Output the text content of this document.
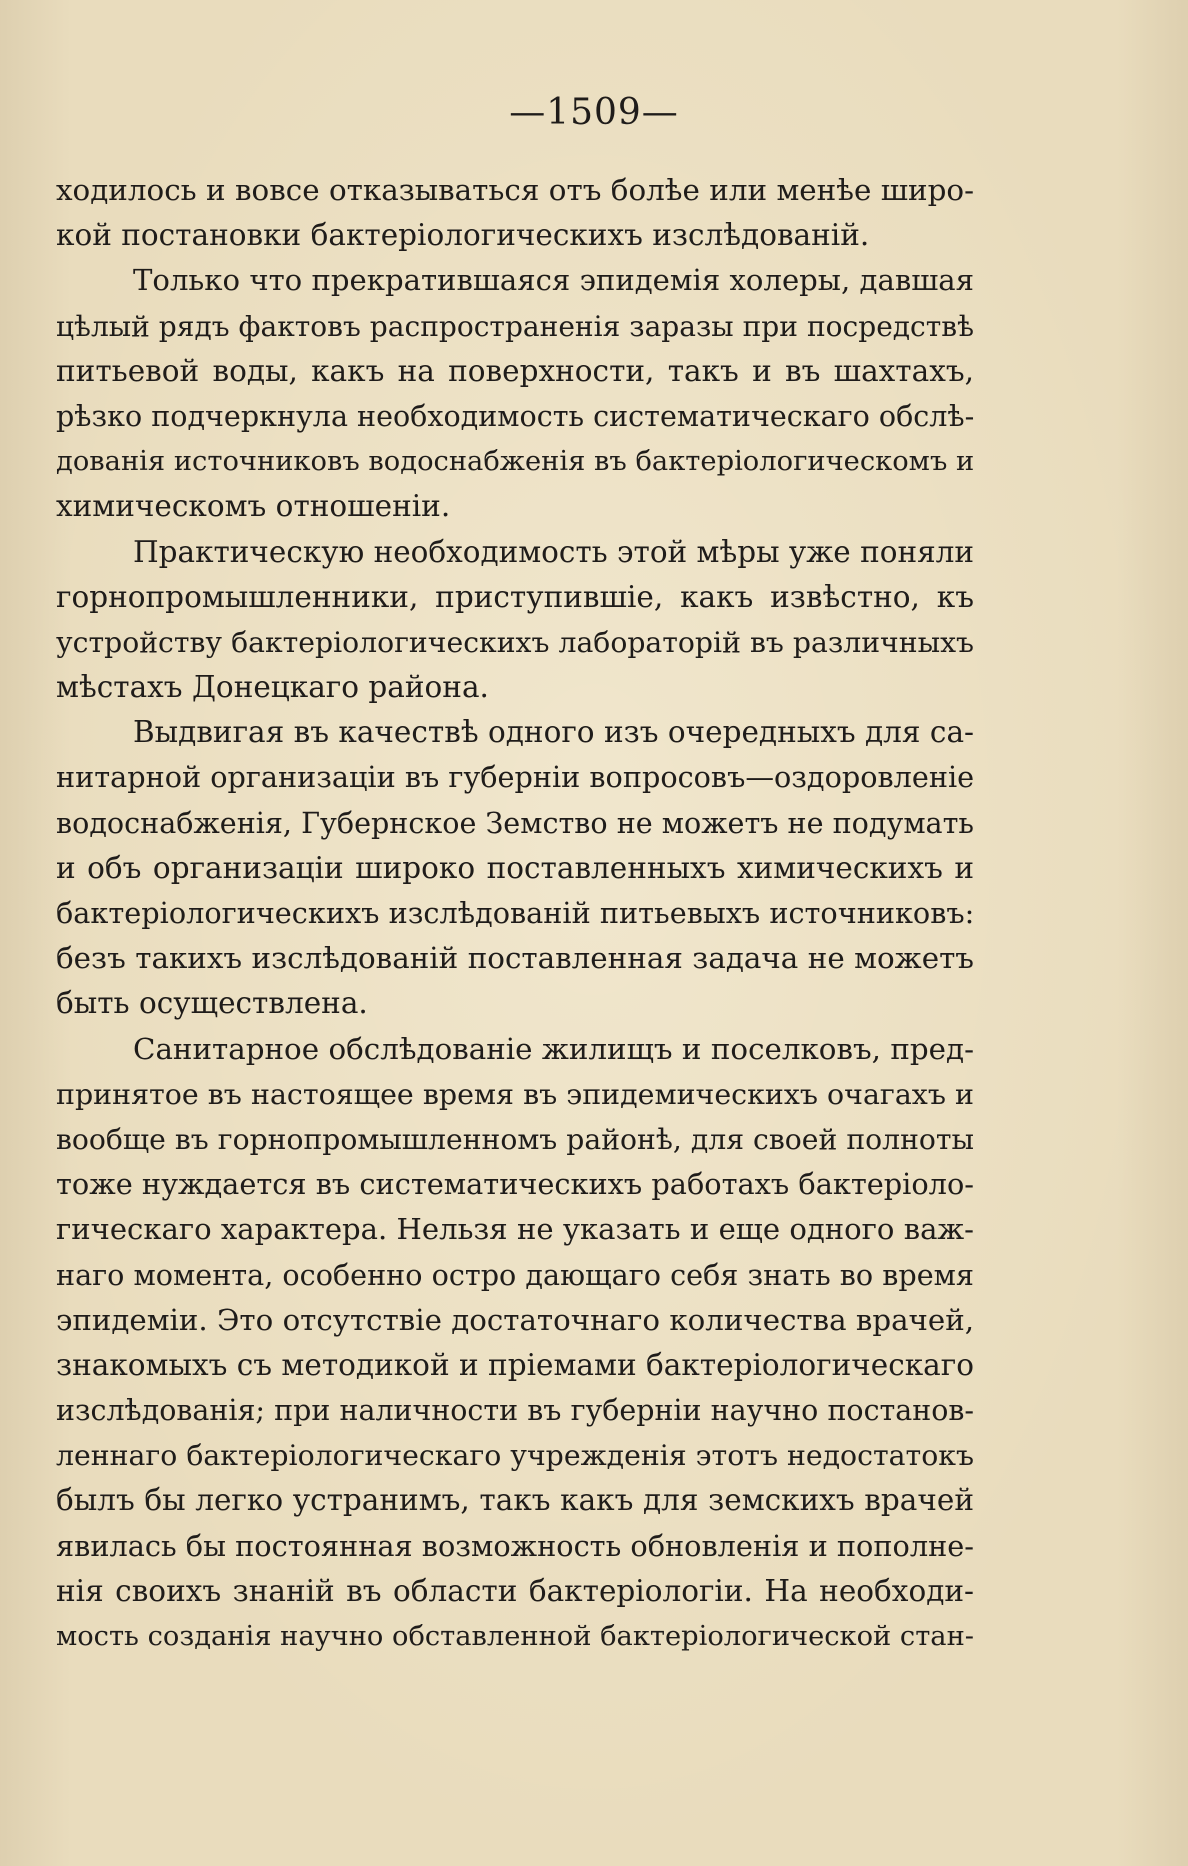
—1509—
ходилось и вовсе отказываться отъ болѣе или менѣе широ-
кой постановки бактеріологическихъ изслѣдованій.
Только что прекратившаяся эпидемія холеры, давшая
цѣлый рядъ фактовъ распространенія заразы при посредствѣ
питьевой воды, какъ на поверхности, такъ и въ шахтахъ,
рѣзко подчеркнула необходимость систематическаго обслѣ-
дованія источниковъ водоснабженія въ бактеріологическомъ и
химическомъ отношеніи.
Практическую необходимость этой мѣры уже поняли
горнопромышленники, приступившіе, какъ извѣстно, къ
устройству бактеріологическихъ лабораторій въ различныхъ
мѣстахъ Донецкаго района.
Выдвигая въ качествѣ одного изъ очередныхъ для са-
нитарной организаціи въ губерніи вопросовъ—оздоровленіе
водоснабженія, Губернское Земство не можетъ не подумать
и объ организаціи широко поставленныхъ химическихъ и
бактеріологическихъ изслѣдованій питьевыхъ источниковъ:
безъ такихъ изслѣдованій поставленная задача не можетъ
быть осуществлена.
Санитарное обслѣдованіе жилищъ и поселковъ, пред-
принятое въ настоящее время въ эпидемическихъ очагахъ и
вообще въ горнопромышленномъ районѣ, для своей полноты
тоже нуждается въ систематическихъ работахъ бактеріоло-
гическаго характера. Нельзя не указать и еще одного важ-
наго момента, особенно остро дающаго себя знать во время
эпидеміи. Это отсутствіе достаточнаго количества врачей,
знакомыхъ съ методикой и пріемами бактеріологическаго
изслѣдованія; при наличности въ губерніи научно постанов-
леннаго бактеріологическаго учрежденія этотъ недостатокъ
былъ бы легко устранимъ, такъ какъ для земскихъ врачей
явилась бы постоянная возможность обновленія и пополне-
нія своихъ знаній въ области бактеріологіи. На необходи-
мость созданія научно обставленной бактеріологической стан-
